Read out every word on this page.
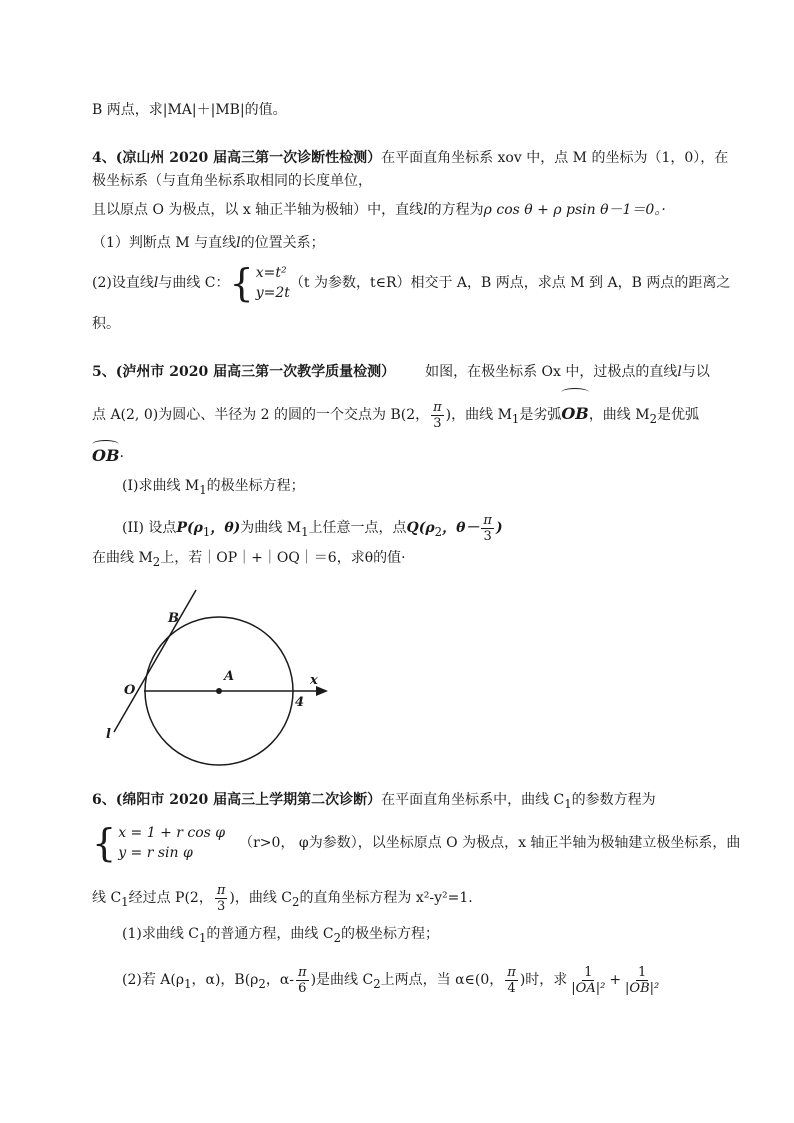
B 两点，求|MA|＋|MB|的值。
4、(凉山州 2020 届高三第一次诊断性检测）在平面直角坐标系 xov 中，点 M 的坐标为（1，0），在
极坐标系（与直角坐标系取相同的长度单位，
且以原点 O 为极点，以 x 轴正半轴为极轴）中，直线l的方程为ρ cos θ + ρ psin θ－1＝0。·
（1）判断点 M 与直线l的位置关系；
(2)设直线l与曲线 C： { x=t²
y=2t
（t 为参数，t∈R）相交于 A，B 两点，求点 M 到 A，B 两点的距离之
积。
5、(泸州市 2020 届高三第一次教学质量检测） 如图，在极坐标系 Ox 中，过极点的直线l与以
点 A(2, 0)为圆心、半径为 2 的圆的一个交点为 B(2， $\frac{\pi}{3}$ )，曲线 $M_1$是劣弧OB，曲线 $M_2$是优弧
OB·
(I)求曲线 $M_1$的极坐标方程；
(II) 设点$P(\rho_1$，θ)为曲线 $M_1$上任意一点，点$Q(\rho_2$，$\theta- \frac{\pi}{3}$ )
在曲线 $M_2$上，若｜OP｜+｜OQ｜＝6，求θ的值·
B
O
A	x
4
l
6、(绵阳市 2020 届高三上学期第二次诊断）在平面直角坐标系中，曲线 $C_1$的参数方程为
{ x = 1 + r cos φ
y = r sin φ
（r>0， φ为参数），以坐标原点 O 为极点，x 轴正半轴为极轴建立极坐标系，曲
线 $C_1$经过点 P(2， $\frac{\pi}{3}$ )，曲线 $C_2$的直角坐标方程为 x²-y²=1.
(1)求曲线 $C_1$的普通方程，曲线 $C_2$的极坐标方程；
(2)若 $A(\rho_1$，α)，$B(\rho_2$，$\alpha- \frac{\pi}{6}$ )是曲线 $C_2$上两点，当 α∈(0， $\frac{\pi}{4}$ )时，求 $\frac{1}{\text{|OA|²}} + \frac{1}{\text{|OB|²}}$
